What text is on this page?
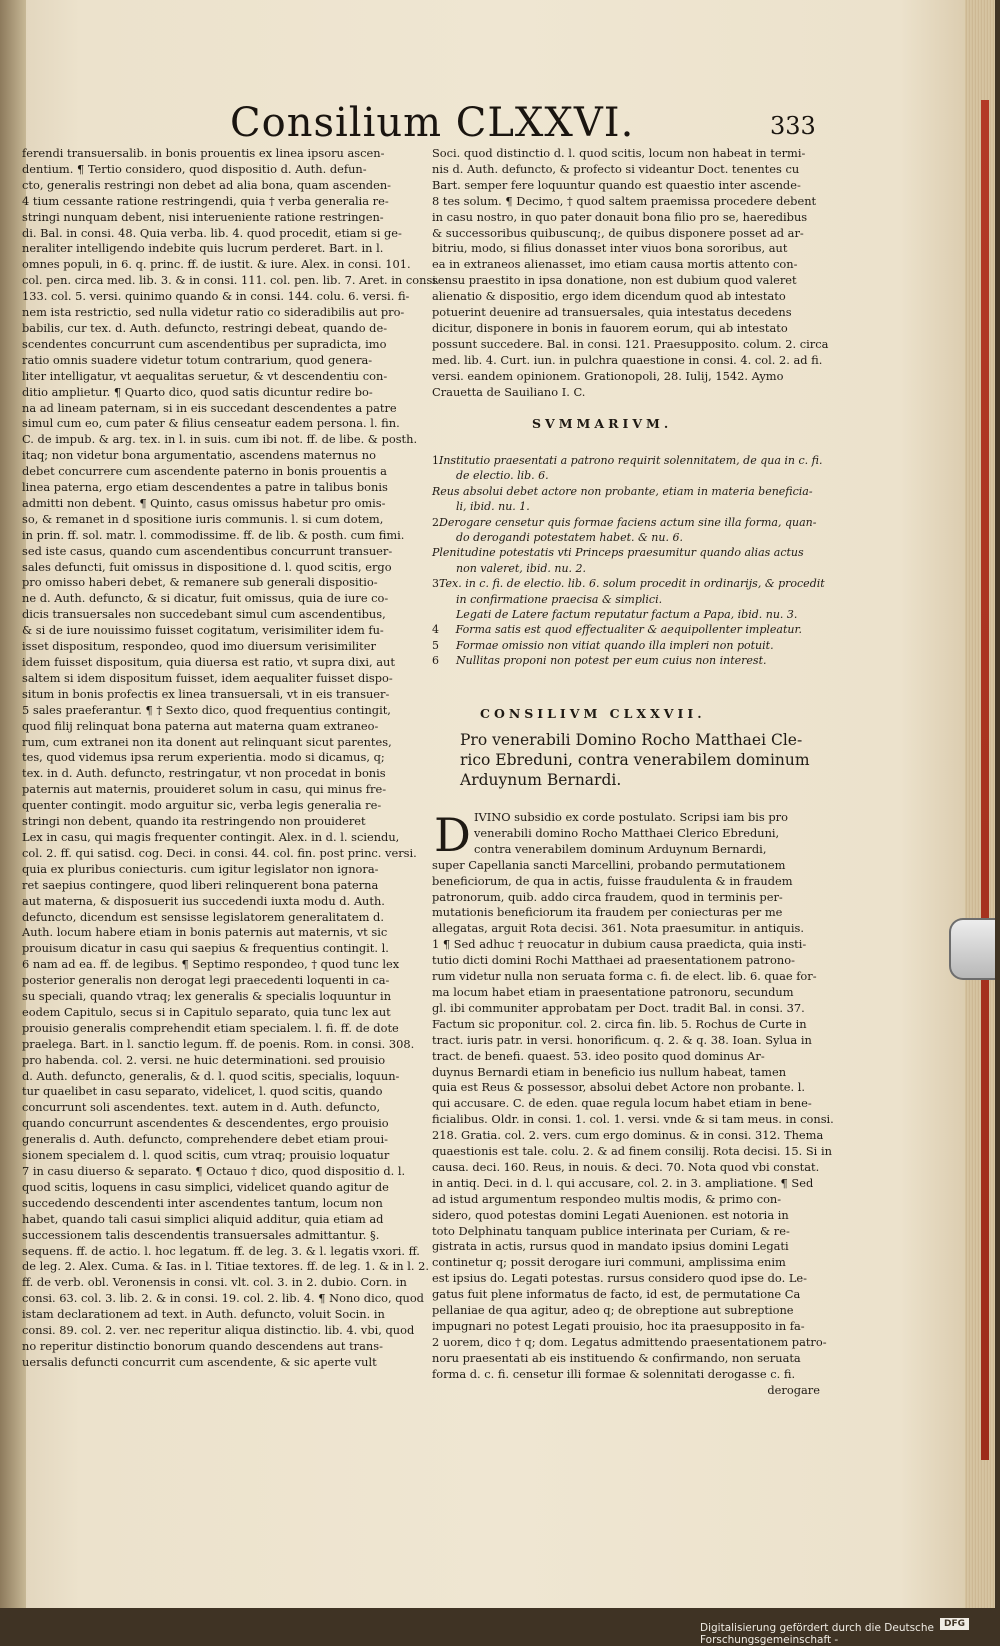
Consilium CLXXVI.	333
ferendi transuersalib. in bonis prouentis ex linea ipsoru ascen-
dentium. ¶ Tertio considero, quod dispositio d. Auth. defun-
cto, generalis restringi non debet ad alia bona, quam ascenden-
4 tium cessante ratione restringendi, quia † verba generalia re-
stringi nunquam debent, nisi interueniente ratione restringen-
di. Bal. in consi. 48. Quia verba. lib. 4. quod procedit, etiam si ge-
neraliter intelligendo indebite quis lucrum perderet. Bart. in l.
omnes populi, in 6. q. princ. ff. de iustit. & iure. Alex. in consi. 101.
col. pen. circa med. lib. 3. & in consi. 111. col. pen. lib. 7. Aret. in consi.
133. col. 5. versi. quinimo quando & in consi. 144. colu. 6. versi. fi-
nem ista restrictio, sed nulla videtur ratio co sideradibilis aut pro-
babilis, cur tex. d. Auth. defuncto, restringi debeat, quando de-
scendentes concurrunt cum ascendentibus per supradicta, imo
ratio omnis suadere videtur totum contrarium, quod genera-
liter intelligatur, vt aequalitas seruetur, & vt descendentiu con-
ditio amplietur. ¶ Quarto dico, quod satis dicuntur redire bo-
na ad lineam paternam, si in eis succedant descendentes a patre
simul cum eo, cum pater & filius censeatur eadem persona. l. fin.
C. de impub. & arg. tex. in l. in suis. cum ibi not. ff. de libe. & posth.
itaq; non videtur bona argumentatio, ascendens maternus no
debet concurrere cum ascendente paterno in bonis prouentis a
linea paterna, ergo etiam descendentes a patre in talibus bonis
admitti non debent. ¶ Quinto, casus omissus habetur pro omis-
so, & remanet in d spositione iuris communis. l. si cum dotem,
in prin. ff. sol. matr. l. commodissime. ff. de lib. & posth. cum fimi.
sed iste casus, quando cum ascendentibus concurrunt transuer-
sales defuncti, fuit omissus in dispositione d. l. quod scitis, ergo
pro omisso haberi debet, & remanere sub generali dispositio-
ne d. Auth. defuncto, & si dicatur, fuit omissus, quia de iure co-
dicis transuersales non succedebant simul cum ascendentibus,
& si de iure nouissimo fuisset cogitatum, verisimiliter idem fu-
isset dispositum, respondeo, quod imo diuersum verisimiliter
idem fuisset dispositum, quia diuersa est ratio, vt supra dixi, aut
saltem si idem dispositum fuisset, idem aequaliter fuisset dispo-
situm in bonis profectis ex linea transuersali, vt in eis transuer-
5 sales praeferantur. ¶ † Sexto dico, quod frequentius contingit,
quod filij relinquat bona paterna aut materna quam extraneo-
rum, cum extranei non ita donent aut relinquant sicut parentes,
tes, quod videmus ipsa rerum experientia. modo si dicamus, q;
tex. in d. Auth. defuncto, restringatur, vt non procedat in bonis
paternis aut maternis, prouideret solum in casu, qui minus fre-
quenter contingit. modo arguitur sic, verba legis generalia re-
stringi non debent, quando ita restringendo non prouideret
Lex in casu, qui magis frequenter contingit. Alex. in d. l. sciendu,
col. 2. ff. qui satisd. cog. Deci. in consi. 44. col. fin. post princ. versi.
quia ex pluribus coniecturis. cum igitur legislator non ignora-
ret saepius contingere, quod liberi relinquerent bona paterna
aut materna, & disposuerit ius succedendi iuxta modu d. Auth.
defuncto, dicendum est sensisse legislatorem generalitatem d.
Auth. locum habere etiam in bonis paternis aut maternis, vt sic
prouisum dicatur in casu qui saepius & frequentius contingit. l.
6 nam ad ea. ff. de legibus. ¶ Septimo respondeo, † quod tunc lex
posterior generalis non derogat legi praecedenti loquenti in ca-
su speciali, quando vtraq; lex generalis & specialis loquuntur in
eodem Capitulo, secus si in Capitulo separato, quia tunc lex aut
prouisio generalis comprehendit etiam specialem. l. fi. ff. de dote
praelega. Bart. in l. sanctio legum. ff. de poenis. Rom. in consi. 308.
pro habenda. col. 2. versi. ne huic determinationi. sed prouisio
d. Auth. defuncto, generalis, & d. l. quod scitis, specialis, loquun-
tur quaelibet in casu separato, videlicet, l. quod scitis, quando
concurrunt soli ascendentes. text. autem in d. Auth. defuncto,
quando concurrunt ascendentes & descendentes, ergo prouisio
generalis d. Auth. defuncto, comprehendere debet etiam proui-
sionem specialem d. l. quod scitis, cum vtraq; prouisio loquatur
7 in casu diuerso & separato. ¶ Octauo † dico, quod dispositio d. l.
quod scitis, loquens in casu simplici, videlicet quando agitur de
succedendo descendenti inter ascendentes tantum, locum non
habet, quando tali casui simplici aliquid additur, quia etiam ad
successionem talis descendentis transuersales admittantur. §.
sequens. ff. de actio. l. hoc legatum. ff. de leg. 3. & l. legatis vxori. ff.
de leg. 2. Alex. Cuma. & Ias. in l. Titiae textores. ff. de leg. 1. & in l. 2.
ff. de verb. obl. Veronensis in consi. vlt. col. 3. in 2. dubio. Corn. in
consi. 63. col. 3. lib. 2. & in consi. 19. col. 2. lib. 4. ¶ Nono dico, quod
istam declarationem ad text. in Auth. defuncto, voluit Socin. in
consi. 89. col. 2. ver. nec reperitur aliqua distinctio. lib. 4. vbi, quod
no reperitur distinctio bonorum quando descendens aut trans-
uersalis defuncti concurrit cum ascendente, & sic aperte vult
Soci. quod distinctio d. l. quod scitis, locum non habeat in termi-
nis d. Auth. defuncto, & profecto si videantur Doct. tenentes cu
Bart. semper fere loquuntur quando est quaestio inter ascende-
8 tes solum. ¶ Decimo, † quod saltem praemissa procedere debent
in casu nostro, in quo pater donauit bona filio pro se, haeredibus
& successoribus quibuscunq;, de quibus disponere posset ad ar-
bitriu, modo, si filius donasset inter viuos bona sororibus, aut
ea in extraneos alienasset, imo etiam causa mortis attento con-
sensu praestito in ipsa donatione, non est dubium quod valeret
alienatio & dispositio, ergo idem dicendum quod ab intestato
potuerint deuenire ad transuersales, quia intestatus decedens
dicitur, disponere in bonis in fauorem eorum, qui ab intestato
possunt succedere. Bal. in consi. 121. Praesupposito. colum. 2. circa
med. lib. 4. Curt. iun. in pulchra quaestione in consi. 4. col. 2. ad fi.
versi. eandem opinionem. Grationopoli, 28. Iulij, 1542. Aymo
Crauetta de Sauiliano I. C.
SVMMARIVM.
1 Institutio praesentati a patrono requirit solennitatem, de qua in c. fi.
de electio. lib. 6.
Reus absolui debet actore non probante, etiam in materia beneficia-
li, ibid. nu. 1.
2 Derogare censetur quis formae faciens actum sine illa forma, quan-
do derogandi potestatem habet. & nu. 6.
Plenitudine potestatis vti Princeps praesumitur quando alias actus
non valeret, ibid. nu. 2.
3 Tex. in c. fi. de electio. lib. 6. solum procedit in ordinarijs, & procedit
in confirmatione praecisa & simplici.
Legati de Latere factum reputatur factum a Papa, ibid. nu. 3.
4	Forma satis est quod effectualiter & aequipollenter impleatur.
5	Formae omissio non vitiat quando illa impleri non potuit.
6	Nullitas proponi non potest per eum cuius non interest.
CONSILIVM CLXXVII.
Pro venerabili Domino Rocho Matthaei Cle-
rico Ebreduni, contra venerabilem dominum
Arduynum Bernardi.
D IVINO subsidio ex corde postulato. Scripsi iam bis pro
venerabili domino Rocho Matthaei Clerico Ebreduni,
contra venerabilem dominum Arduynum Bernardi,
super Capellania sancti Marcellini, probando permutationem
beneficiorum, de qua in actis, fuisse fraudulenta & in fraudem
patronorum, quib. addo circa fraudem, quod in terminis per-
mutationis beneficiorum ita fraudem per coniecturas per me
allegatas, arguit Rota decisi. 361. Nota praesumitur. in antiquis.
1 ¶ Sed adhuc † reuocatur in dubium causa praedicta, quia insti-
tutio dicti domini Rochi Matthaei ad praesentationem patrono-
rum videtur nulla non seruata forma c. fi. de elect. lib. 6. quae for-
ma locum habet etiam in praesentatione patronoru, secundum
gl. ibi communiter approbatam per Doct. tradit Bal. in consi. 37.
Factum sic proponitur. col. 2. circa fin. lib. 5. Rochus de Curte in
tract. iuris patr. in versi. honorificum. q. 2. & q. 38. Ioan. Sylua in
tract. de benefi. quaest. 53. ideo posito quod dominus Ar-
duynus Bernardi etiam in beneficio ius nullum habeat, tamen
quia est Reus & possessor, absolui debet Actore non probante. l.
qui accusare. C. de eden. quae regula locum habet etiam in bene-
ficialibus. Oldr. in consi. 1. col. 1. versi. vnde & si tam meus. in consi.
218. Gratia. col. 2. vers. cum ergo dominus. & in consi. 312. Thema
quaestionis est tale. colu. 2. & ad finem consilij. Rota decisi. 15. Si in
causa. deci. 160. Reus, in nouis. & deci. 70. Nota quod vbi constat.
in antiq. Deci. in d. l. qui accusare, col. 2. in 3. ampliatione. ¶ Sed
ad istud argumentum respondeo multis modis, & primo con-
sidero, quod potestas domini Legati Auenionen. est notoria in
toto Delphinatu tanquam publice interinata per Curiam, & re-
gistrata in actis, rursus quod in mandato ipsius domini Legati
continetur q; possit derogare iuri communi, amplissima enim
est ipsius do. Legati potestas. rursus considero quod ipse do. Le-
gatus fuit plene informatus de facto, id est, de permutatione Ca
pellaniae de qua agitur, adeo q; de obreptione aut subreptione
impugnari no potest Legati prouisio, hoc ita praesupposito in fa-
2 uorem, dico † q; dom. Legatus admittendo praesentationem patro-
noru praesentati ab eis instituendo & confirmando, non seruata
forma d. c. fi. censetur illi formae & solennitati derogasse c. fi.
derogare
Digitalisierung gefördert durch die Deutsche Forschungsgemeinschaft -
DFG
